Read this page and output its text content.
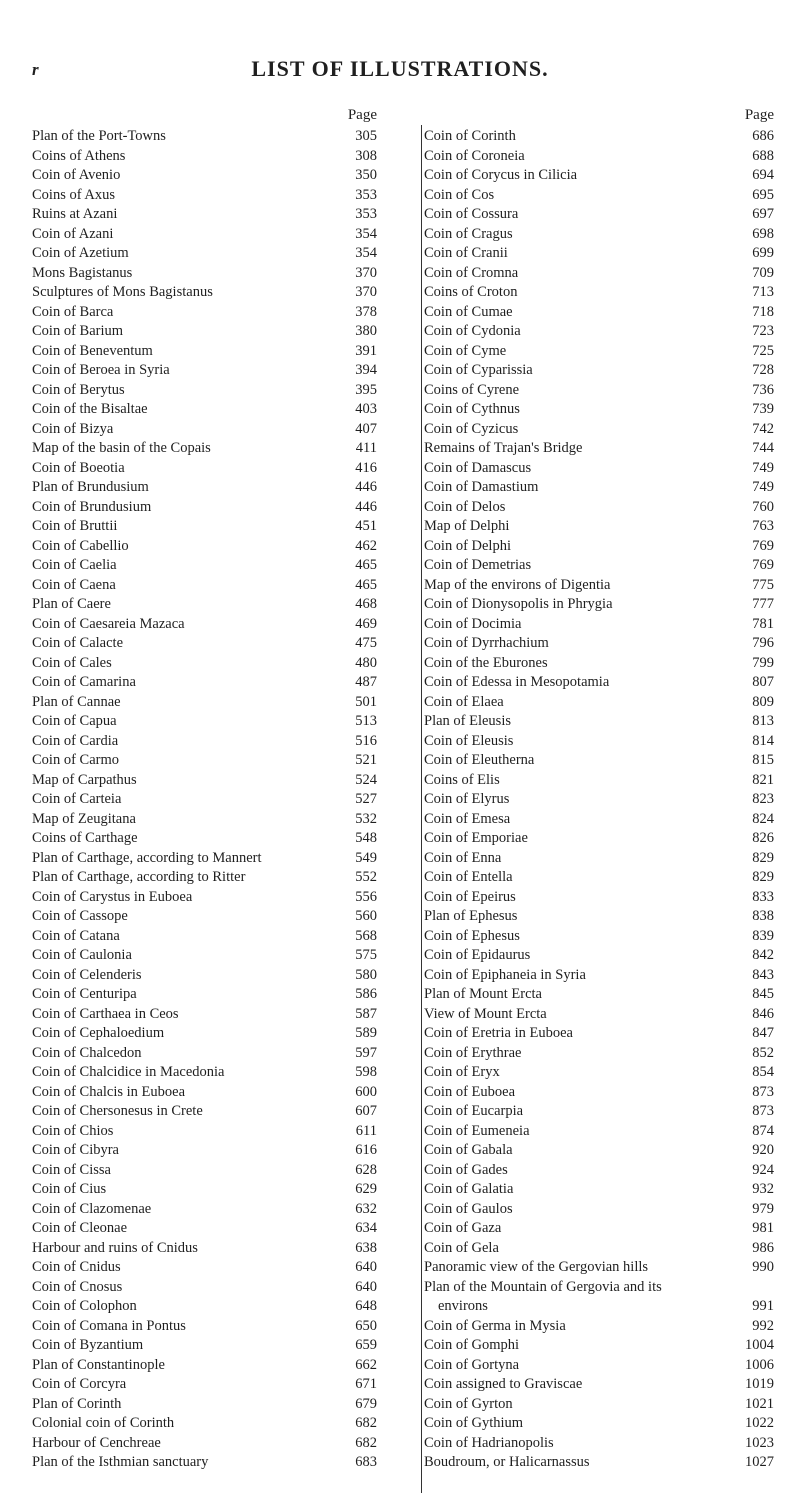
r	LIST OF ILLUSTRATIONS.
Page
Plan of the Port-Towns	305
Coins of Athens	308
Coin of Avenio	350
Coins of Axus	353
Ruins at Azani	353
Coin of Azani	354
Coin of Azetium	354
Mons Bagistanus	370
Sculptures of Mons Bagistanus	370
Coin of Barca	378
Coin of Barium	380
Coin of Beneventum	391
Coin of Beroea in Syria	394
Coin of Berytus	395
Coin of the Bisaltae	403
Coin of Bizya	407
Map of the basin of the Copais	411
Coin of Boeotia	416
Plan of Brundusium	446
Coin of Brundusium	446
Coin of Bruttii	451
Coin of Cabellio	462
Coin of Caelia	465
Coin of Caena	465
Plan of Caere	468
Coin of Caesareia Mazaca	469
Coin of Calacte	475
Coin of Cales	480
Coin of Camarina	487
Plan of Cannae	501
Coin of Capua	513
Coin of Cardia	516
Coin of Carmo	521
Map of Carpathus	524
Coin of Carteia	527
Map of Zeugitana	532
Coins of Carthage	548
Plan of Carthage, according to Mannert	549
Plan of Carthage, according to Ritter	552
Coin of Carystus in Euboea	556
Coin of Cassope	560
Coin of Catana	568
Coin of Caulonia	575
Coin of Celenderis	580
Coin of Centuripa	586
Coin of Carthaea in Ceos	587
Coin of Cephaloedium	589
Coin of Chalcedon	597
Coin of Chalcidice in Macedonia	598
Coin of Chalcis in Euboea	600
Coin of Chersonesus in Crete	607
Coin of Chios	611
Coin of Cibyra	616
Coin of Cissa	628
Coin of Cius	629
Coin of Clazomenae	632
Coin of Cleonae	634
Harbour and ruins of Cnidus	638
Coin of Cnidus	640
Coin of Cnosus	640
Coin of Colophon	648
Coin of Comana in Pontus	650
Coin of Byzantium	659
Plan of Constantinople	662
Coin of Corcyra	671
Plan of Corinth	679
Colonial coin of Corinth	682
Harbour of Cenchreae	682
Plan of the Isthmian sanctuary	683
Page
Coin of Corinth	686
Coin of Coroneia	688
Coin of Corycus in Cilicia	694
Coin of Cos	695
Coin of Cossura	697
Coin of Cragus	698
Coin of Cranii	699
Coin of Cromna	709
Coins of Croton	713
Coin of Cumae	718
Coin of Cydonia	723
Coin of Cyme	725
Coin of Cyparissia	728
Coins of Cyrene	736
Coin of Cythnus	739
Coin of Cyzicus	742
Remains of Trajan's Bridge	744
Coin of Damascus	749
Coin of Damastium	749
Coin of Delos	760
Map of Delphi	763
Coin of Delphi	769
Coin of Demetrias	769
Map of the environs of Digentia	775
Coin of Dionysopolis in Phrygia	777
Coin of Docimia	781
Coin of Dyrrhachium	796
Coin of the Eburones	799
Coin of Edessa in Mesopotamia	807
Coin of Elaea	809
Plan of Eleusis	813
Coin of Eleusis	814
Coin of Eleutherna	815
Coins of Elis	821
Coin of Elyrus	823
Coin of Emesa	824
Coin of Emporiae	826
Coin of Enna	829
Coin of Entella	829
Coin of Epeirus	833
Plan of Ephesus	838
Coin of Ephesus	839
Coin of Epidaurus	842
Coin of Epiphaneia in Syria	843
Plan of Mount Ercta	845
View of Mount Ercta	846
Coin of Eretria in Euboea	847
Coin of Erythrae	852
Coin of Eryx	854
Coin of Euboea	873
Coin of Eucarpia	873
Coin of Eumeneia	874
Coin of Gabala	920
Coin of Gades	924
Coin of Galatia	932
Coin of Gaulos	979
Coin of Gaza	981
Coin of Gela	986
Panoramic view of the Gergovian hills	990
Plan of the Mountain of Gergovia and its
environs	991
Coin of Germa in Mysia	992
Coin of Gomphi	1004
Coin of Gortyna	1006
Coin assigned to Graviscae	1019
Coin of Gyrton	1021
Coin of Gythium	1022
Coin of Hadrianopolis	1023
Boudroum, or Halicarnassus	1027
